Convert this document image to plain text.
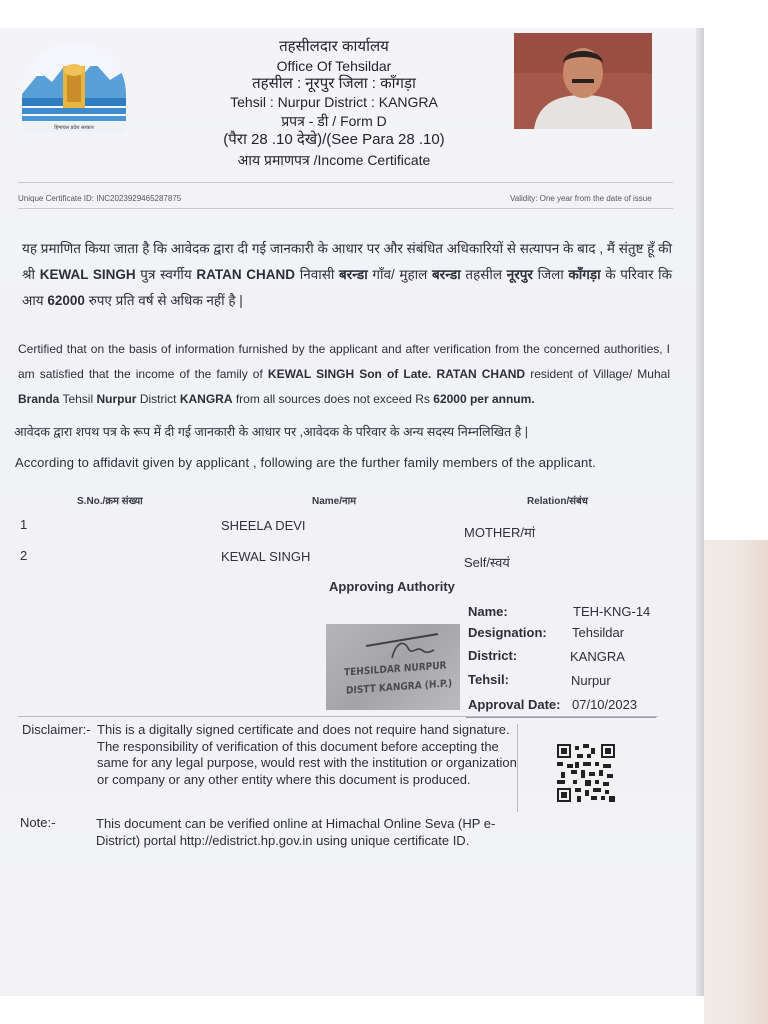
हिमाचल प्रदेश सरकार
तहसीलदार कार्यालय
Office Of Tehsildar
तहसील : नूरपुर जिला : काँगड़ा
Tehsil : Nurpur District : KANGRA
प्रपत्र - डी / Form D
(पैरा 28 .10 देखे)/(See Para 28 .10)
आय प्रमाणपत्र /Income Certificate
Unique Certificate ID: INC2023929465287875	Validity: One year from the date of issue
यह प्रमाणित किया जाता है कि आवेदक द्वारा दी गई जानकारी के आधार पर और संबंधित अधिकारियों से सत्यापन के बाद , मैं संतुष्ट हूँ की श्री KEWAL SINGH पुत्र स्वर्गीय RATAN CHAND निवासी बरन्डा गाँव/ मुहाल बरन्डा तहसील नूरपुर जिला काँगड़ा के परिवार कि आय 62000 रुपए प्रति वर्ष से अधिक नहीं है |
Certified that on the basis of information furnished by the applicant and after verification from the concerned authorities, I am satisfied that the income of the family of KEWAL SINGH Son of Late. RATAN CHAND resident of Village/ Muhal Branda Tehsil Nurpur District KANGRA from all sources does not exceed Rs 62000 per annum.
आवेदक द्वारा शपथ पत्र के रूप में दी गई जानकारी के आधार पर ,आवेदक के परिवार के अन्य सदस्य निम्नलिखित है |
According to affidavit given by applicant , following are the further family members of the applicant.
S.No./क्रम संख्या	Name/नाम	Relation/संबंध
1	SHEELA DEVI	MOTHER/मां
2	KEWAL SINGH	Self/स्वयं
Approving Authority
TEHSILDAR NURPUR
DISTT KANGRA (H.P.)
Name:	TEH-KNG-14
Designation:	Tehsildar
District:	KANGRA
Tehsil:	Nurpur
Approval Date: 07/10/2023
Disclaimer:- This is a digitally signed certificate and does not require hand signature. The responsibility of verification of this document before accepting the same for any legal purpose, would rest with the institution or organization or company or any other entity where this document is produced.
Note:-	This document can be verified online at Himachal Online Seva (HP e-District) portal http://edistrict.hp.gov.in using unique certificate ID.
